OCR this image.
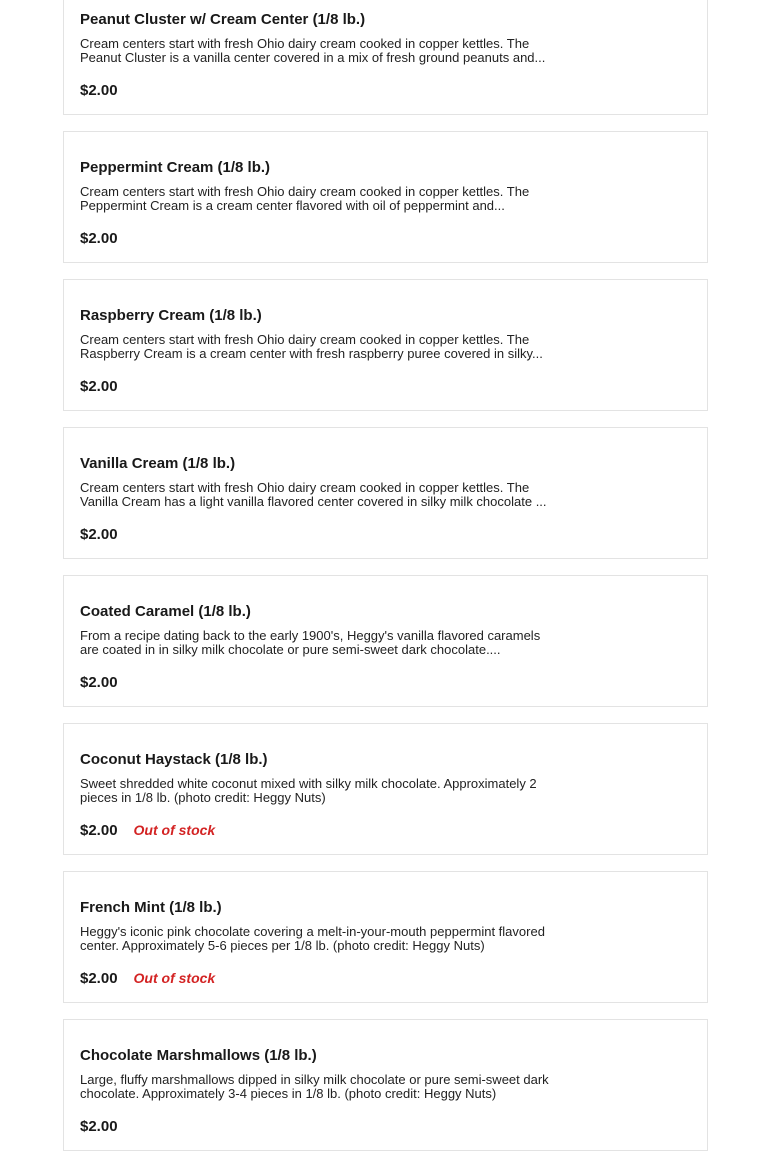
Peanut Cluster w/ Cream Center (1/8 lb.)
Cream centers start with fresh Ohio dairy cream cooked in copper kettles. The Peanut Cluster is a vanilla center covered in a mix of fresh ground peanuts and...
$2.00
Peppermint Cream (1/8 lb.)
Cream centers start with fresh Ohio dairy cream cooked in copper kettles. The Peppermint Cream is a cream center flavored with oil of peppermint and...
$2.00
Raspberry Cream (1/8 lb.)
Cream centers start with fresh Ohio dairy cream cooked in copper kettles. The Raspberry Cream is a cream center with fresh raspberry puree covered in silky...
$2.00
Vanilla Cream (1/8 lb.)
Cream centers start with fresh Ohio dairy cream cooked in copper kettles. The Vanilla Cream has a light vanilla flavored center covered in silky milk chocolate ...
$2.00
Coated Caramel (1/8 lb.)
From a recipe dating back to the early 1900's, Heggy's vanilla flavored caramels are coated in in silky milk chocolate or pure semi-sweet dark chocolate....
$2.00
Coconut Haystack (1/8 lb.)
Sweet shredded white coconut mixed with silky milk chocolate. Approximately 2 pieces in 1/8 lb. (photo credit: Heggy Nuts)
$2.00 Out of stock
French Mint (1/8 lb.)
Heggy's iconic pink chocolate covering a melt-in-your-mouth peppermint flavored center. Approximately 5-6 pieces per 1/8 lb. (photo credit: Heggy Nuts)
$2.00 Out of stock
Chocolate Marshmallows (1/8 lb.)
Large, fluffy marshmallows dipped in silky milk chocolate or pure semi-sweet dark chocolate. Approximately 3-4 pieces in 1/8 lb. (photo credit: Heggy Nuts)
$2.00
